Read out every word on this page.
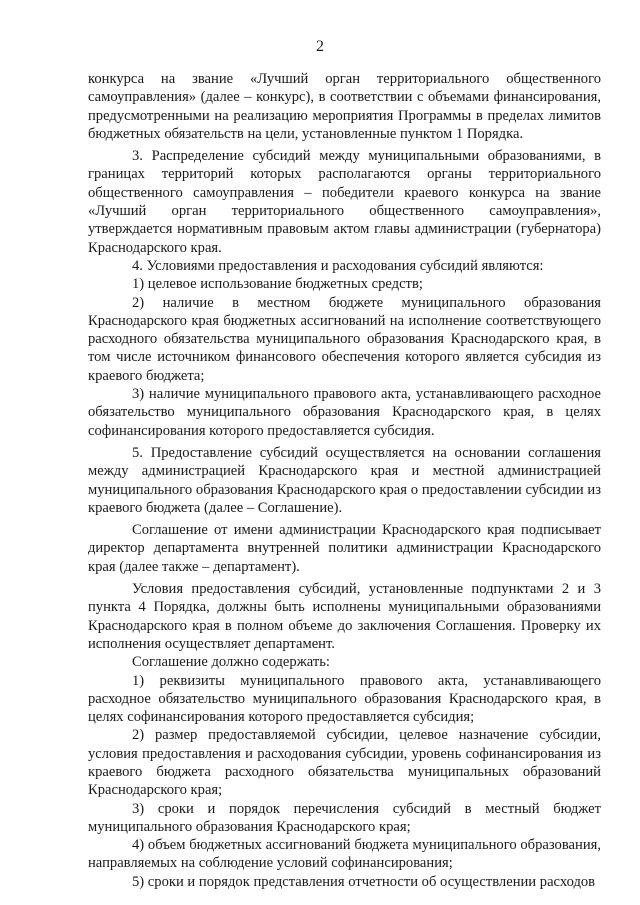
2

конкурса на звание «Лучший орган территориального общественного самоуправления» (далее – конкурс), в соответствии с объемами финансирования, предусмотренными на реализацию мероприятия Программы в пределах лимитов бюджетных обязательств на цели, установленные пунктом 1 Порядка.

3. Распределение субсидий между муниципальными образованиями, в границах территорий которых располагаются органы территориального общественного самоуправления – победители краевого конкурса на звание «Лучший орган территориального общественного самоуправления», утверждается нормативным правовым актом главы администрации (губернатора) Краснодарского края.

4. Условиями предоставления и расходования субсидий являются:

1) целевое использование бюджетных средств;

2) наличие в местном бюджете муниципального образования Краснодарского края бюджетных ассигнований на исполнение соответствующего расходного обязательства муниципального образования Краснодарского края, в том числе источником финансового обеспечения которого является субсидия из краевого бюджета;

3) наличие муниципального правового акта, устанавливающего расходное обязательство муниципального образования Краснодарского края, в целях софинансирования которого предоставляется субсидия.

5. Предоставление субсидий осуществляется на основании соглашения между администрацией Краснодарского края и местной администрацией муниципального образования Краснодарского края о предоставлении субсидии из краевого бюджета (далее – Соглашение).

Соглашение от имени администрации Краснодарского края подписывает директор департамента внутренней политики администрации Краснодарского края (далее также – департамент).

Условия предоставления субсидий, установленные подпунктами 2 и 3 пункта 4 Порядка, должны быть исполнены муниципальными образованиями Краснодарского края в полном объеме до заключения Соглашения. Проверку их исполнения осуществляет департамент.

Соглашение должно содержать:

1) реквизиты муниципального правового акта, устанавливающего расходное обязательство муниципального образования Краснодарского края, в целях софинансирования которого предоставляется субсидия;

2) размер предоставляемой субсидии, целевое назначение субсидии, условия предоставления и расходования субсидии, уровень софинансирования из краевого бюджета расходного обязательства муниципальных образований Краснодарского края;

3) сроки и порядок перечисления субсидий в местный бюджет муниципального образования Краснодарского края;

4) объем бюджетных ассигнований бюджета муниципального образования, направляемых на соблюдение условий софинансирования;

5) сроки и порядок представления отчетности об осуществлении расходов
